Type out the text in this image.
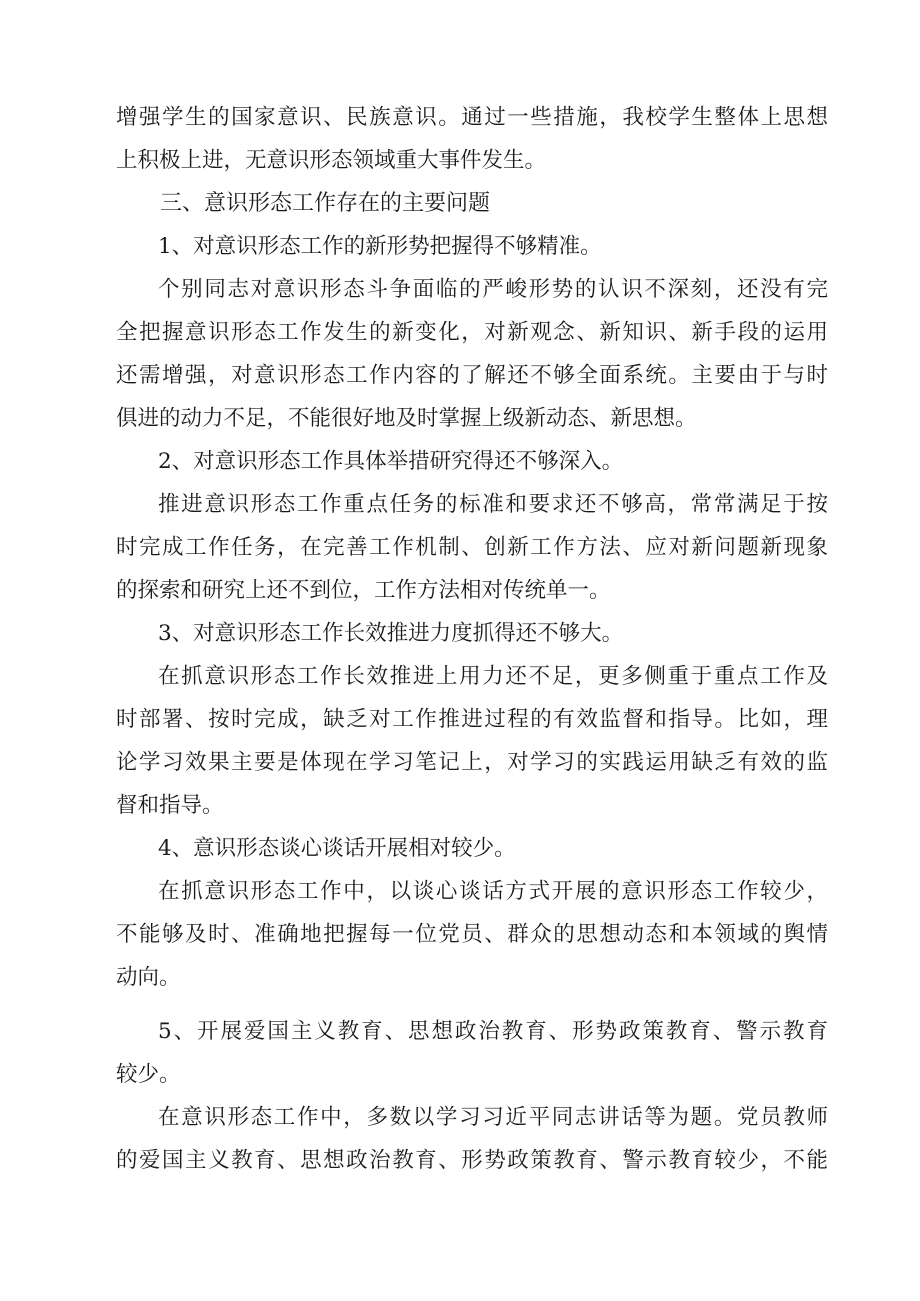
增强学生的国家意识、民族意识。通过一些措施，我校学生整体上思想
上积极上进，无意识形态领域重大事件发生。
三、意识形态工作存在的主要问题
1、对意识形态工作的新形势把握得不够精准。
个别同志对意识形态斗争面临的严峻形势的认识不深刻，还没有完
全把握意识形态工作发生的新变化，对新观念、新知识、新手段的运用
还需增强，对意识形态工作内容的了解还不够全面系统。主要由于与时
俱进的动力不足，不能很好地及时掌握上级新动态、新思想。
2、对意识形态工作具体举措研究得还不够深入。
推进意识形态工作重点任务的标准和要求还不够高，常常满足于按
时完成工作任务，在完善工作机制、创新工作方法、应对新问题新现象
的探索和研究上还不到位，工作方法相对传统单一。
3、对意识形态工作长效推进力度抓得还不够大。
在抓意识形态工作长效推进上用力还不足，更多侧重于重点工作及
时部署、按时完成，缺乏对工作推进过程的有效监督和指导。比如，理
论学习效果主要是体现在学习笔记上，对学习的实践运用缺乏有效的监
督和指导。
4、意识形态谈心谈话开展相对较少。
在抓意识形态工作中，以谈心谈话方式开展的意识形态工作较少，
不能够及时、准确地把握每一位党员、群众的思想动态和本领域的舆情
动向。
5、开展爱国主义教育、思想政治教育、形势政策教育、警示教育
较少。
在意识形态工作中，多数以学习习近平同志讲话等为题。党员教师
的爱国主义教育、思想政治教育、形势政策教育、警示教育较少，不能
